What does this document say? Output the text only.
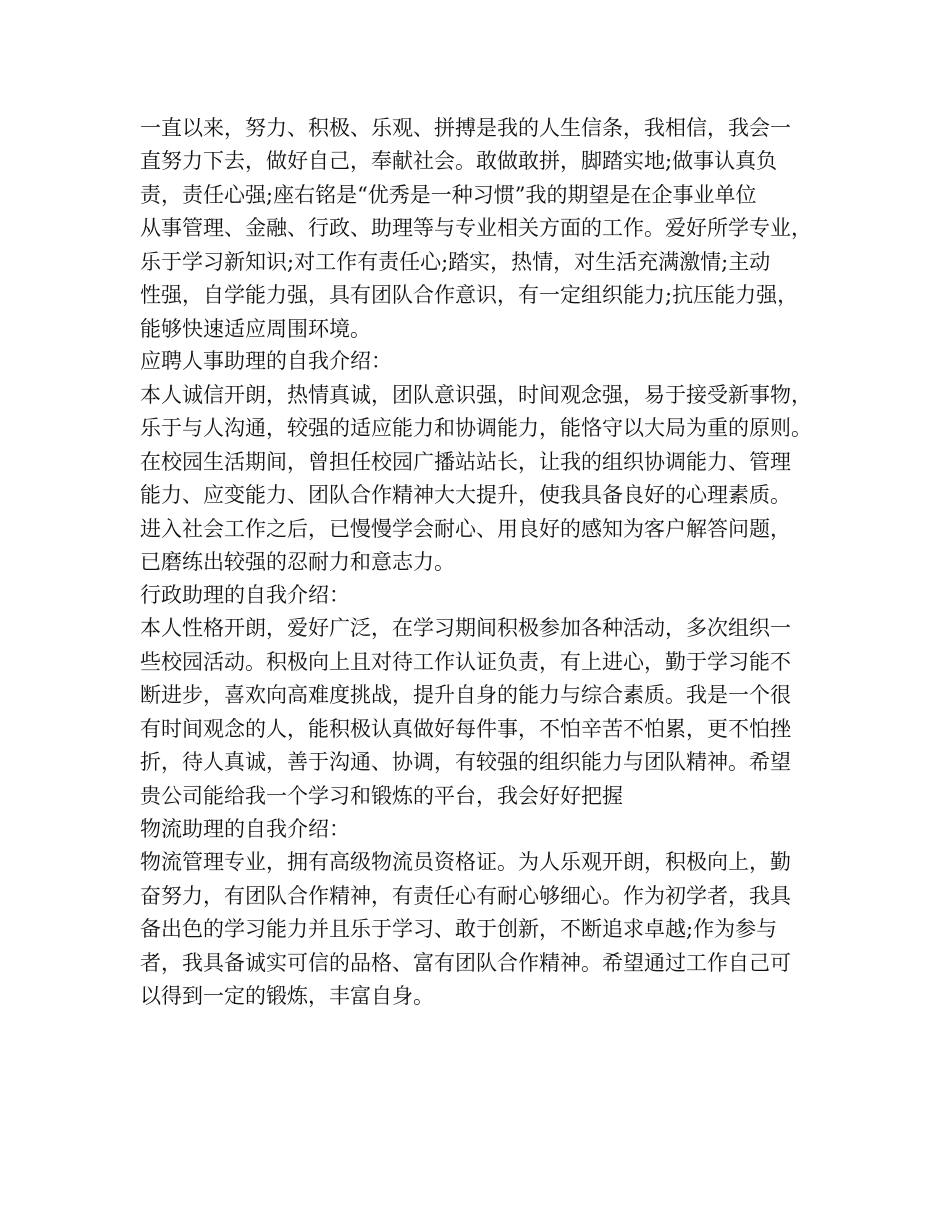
一直以来，努力、积极、乐观、拼搏是我的人生信条，我相信，我会一
直努力下去，做好自己，奉献社会。敢做敢拼，脚踏实地;做事认真负
责，责任心强;座右铭是“优秀是一种习惯”我的期望是在企事业单位
从事管理、金融、行政、助理等与专业相关方面的工作。爱好所学专业，
乐于学习新知识;对工作有责任心;踏实，热情，对生活充满激情;主动
性强，自学能力强，具有团队合作意识，有一定组织能力;抗压能力强，
能够快速适应周围环境。
应聘人事助理的自我介绍：
本人诚信开朗，热情真诚，团队意识强，时间观念强，易于接受新事物，
乐于与人沟通，较强的适应能力和协调能力，能恪守以大局为重的原则。
在校园生活期间，曾担任校园广播站站长，让我的组织协调能力、管理
能力、应变能力、团队合作精神大大提升，使我具备良好的心理素质。
进入社会工作之后，已慢慢学会耐心、用良好的感知为客户解答问题，
已磨练出较强的忍耐力和意志力。
行政助理的自我介绍：
本人性格开朗，爱好广泛，在学习期间积极参加各种活动，多次组织一
些校园活动。积极向上且对待工作认证负责，有上进心，勤于学习能不
断进步，喜欢向高难度挑战，提升自身的能力与综合素质。我是一个很
有时间观念的人，能积极认真做好每件事，不怕辛苦不怕累，更不怕挫
折，待人真诚，善于沟通、协调，有较强的组织能力与团队精神。希望
贵公司能给我一个学习和锻炼的平台，我会好好把握
物流助理的自我介绍：
物流管理专业，拥有高级物流员资格证。为人乐观开朗，积极向上，勤
奋努力，有团队合作精神，有责任心有耐心够细心。作为初学者，我具
备出色的学习能力并且乐于学习、敢于创新，不断追求卓越;作为参与
者，我具备诚实可信的品格、富有团队合作精神。希望通过工作自己可
以得到一定的锻炼，丰富自身。
